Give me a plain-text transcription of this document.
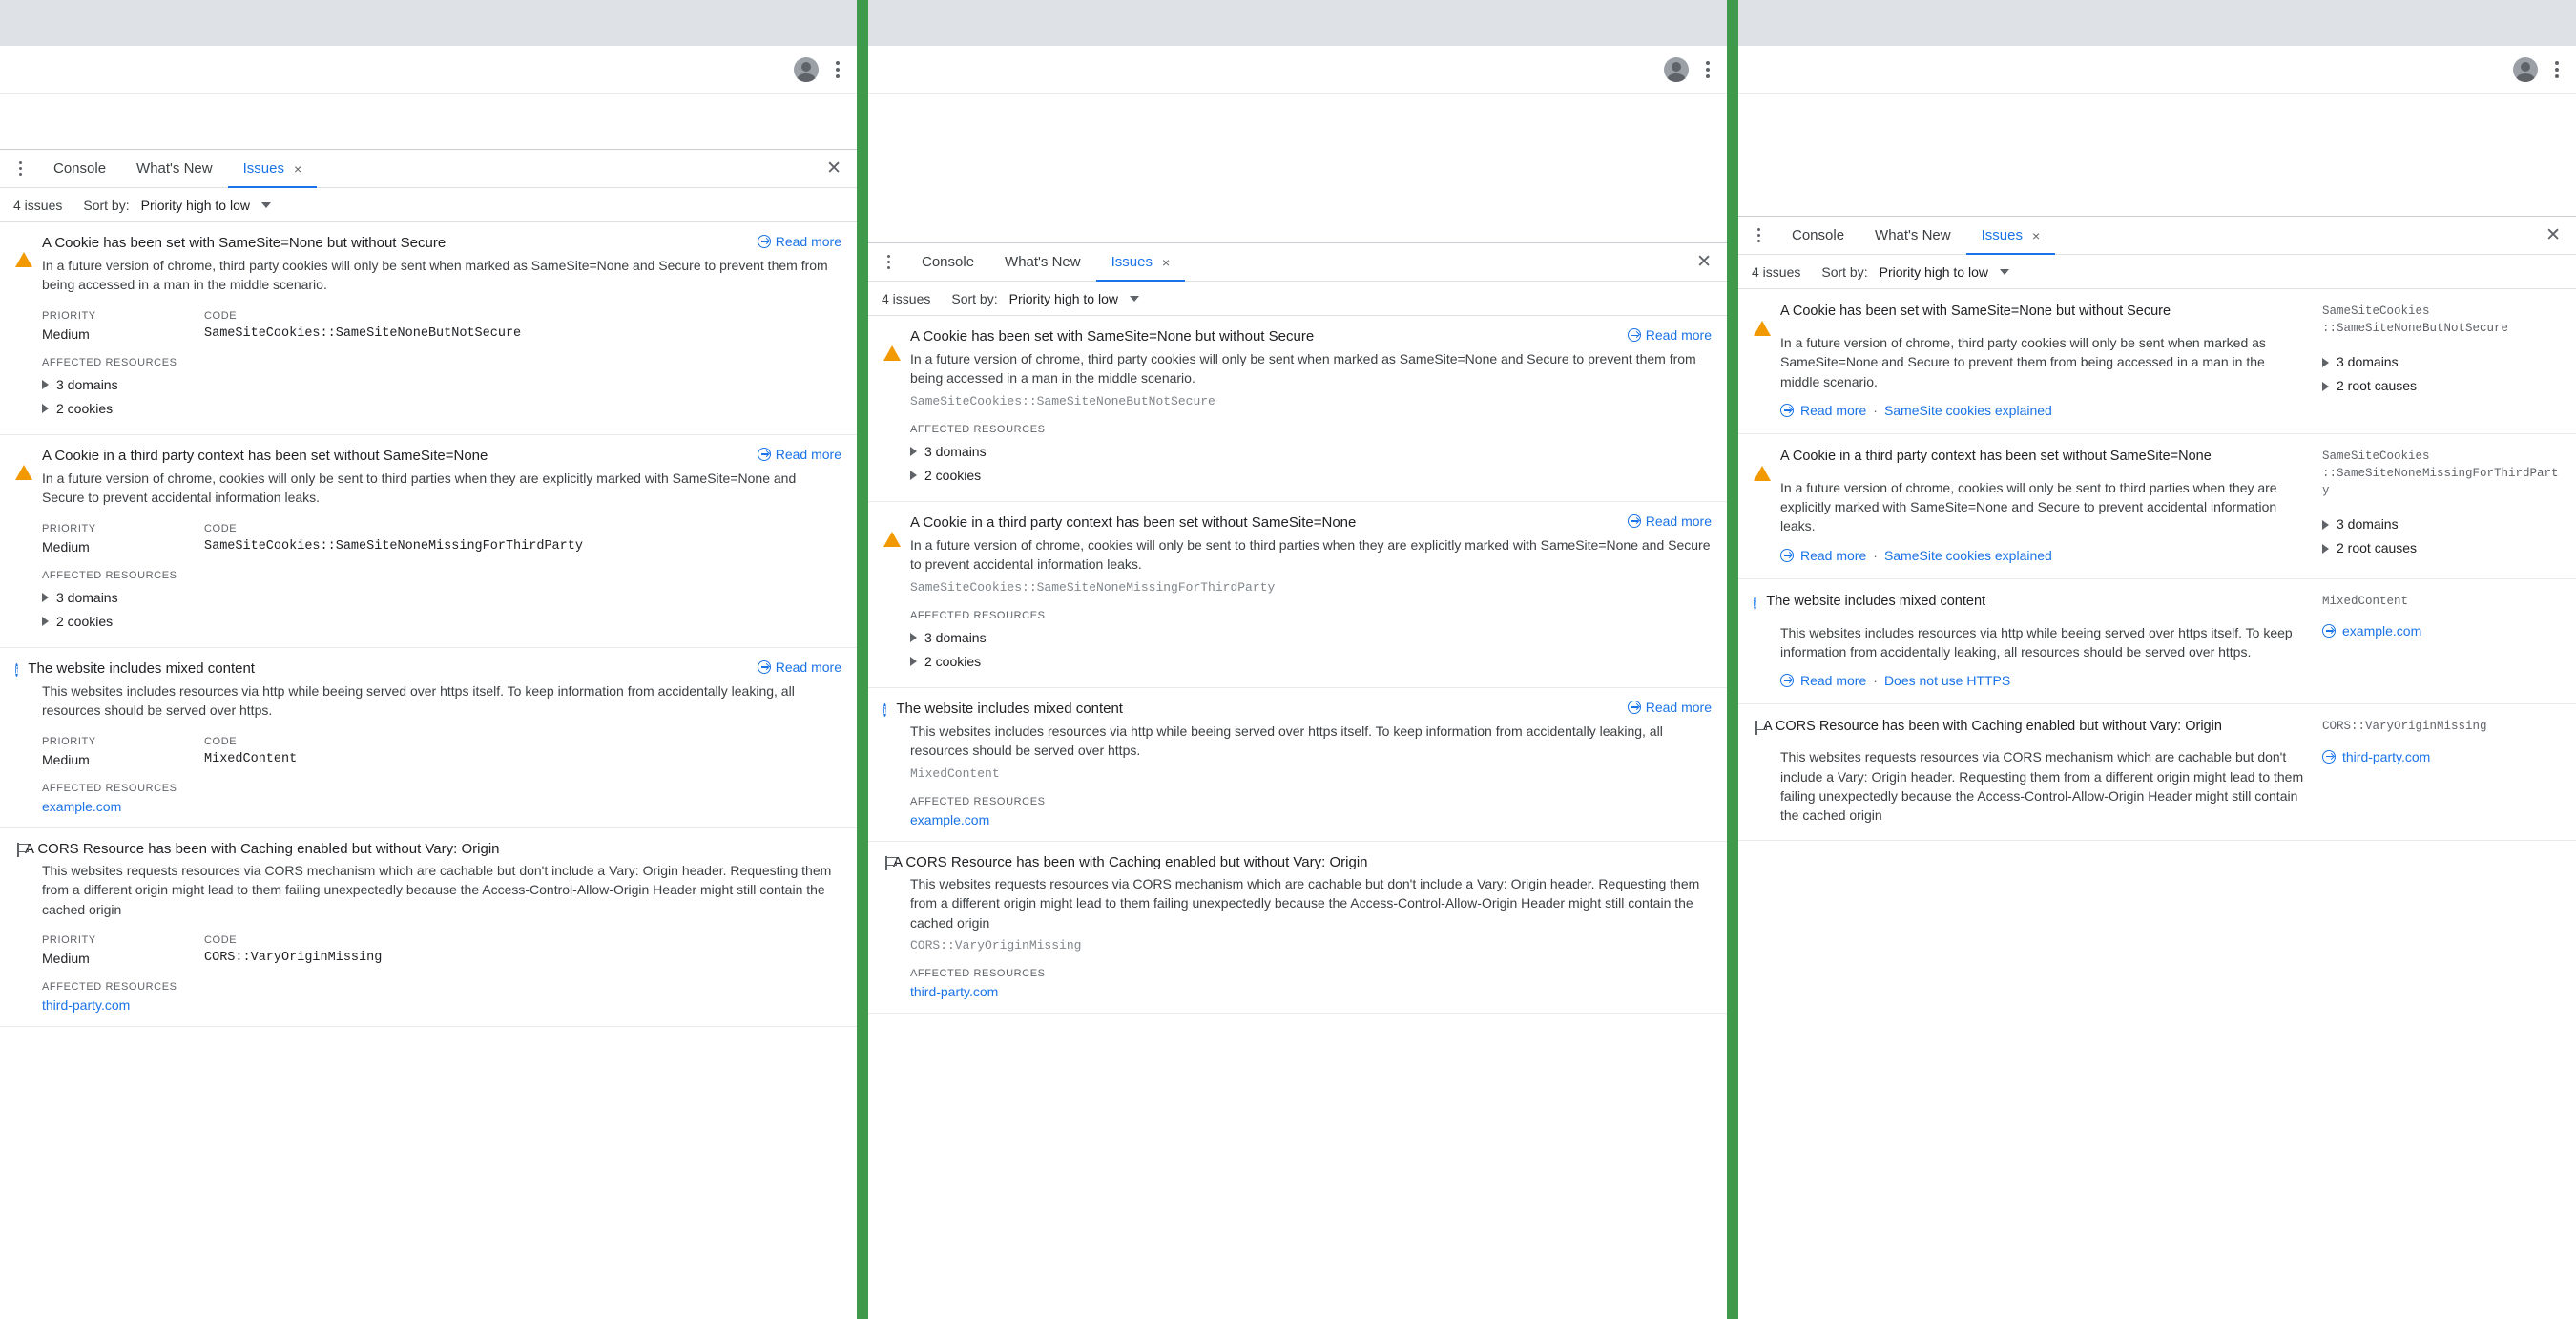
Console What's New Issues ×	✕
4 issues Sort by: Priority high to low
!
A Cookie has been set with SameSite=None but without Secure	Read more
In a future version of chrome, third party cookies will only be sent when marked as SameSite=None and Secure to prevent them from being accessed in a man in the middle scenario.
PRIORITY
Medium
CODE
SameSiteCookies::SameSiteNoneButNotSecure
AFFECTED RESOURCES
3 domains
2 cookies
!
A Cookie in a third party context has been set without SameSite=None	Read more
In a future version of chrome, cookies will only be sent to third parties when they are explicitly marked with SameSite=None and Secure to prevent accidental information leaks.
PRIORITY
Medium
CODE
SameSiteCookies::SameSiteNoneMissingForThirdParty
AFFECTED RESOURCES
3 domains
2 cookies
i The website includes mixed content	Read more
This websites includes resources via http while beeing served over https itself. To keep information from accidentally leaking, all resources should be served over https.
PRIORITY
Medium
CODE
MixedContent
AFFECTED RESOURCES
example.com
A CORS Resource has been with Caching enabled but without Vary: Origin
This websites requests resources via CORS mechanism which are cachable but don't include a Vary: Origin header. Requesting them from a different origin might lead to them failing unexpectedly because the Access-Control-Allow-Origin Header might still contain the cached origin
PRIORITY
Medium
CODE
CORS::VaryOriginMissing
AFFECTED RESOURCES
third-party.com
Console What's New Issues ×	✕
4 issues Sort by: Priority high to low
!
A Cookie has been set with SameSite=None but without Secure	Read more
In a future version of chrome, third party cookies will only be sent when marked as SameSite=None and Secure to prevent them from being accessed in a man in the middle scenario.
SameSiteCookies::SameSiteNoneButNotSecure
AFFECTED RESOURCES
3 domains
2 cookies
!
A Cookie in a third party context has been set without SameSite=None	Read more
In a future version of chrome, cookies will only be sent to third parties when they are explicitly marked with SameSite=None and Secure to prevent accidental information leaks.
SameSiteCookies::SameSiteNoneMissingForThirdParty
AFFECTED RESOURCES
3 domains
2 cookies
i The website includes mixed content	Read more
This websites includes resources via http while beeing served over https itself. To keep information from accidentally leaking, all resources should be served over https.
MixedContent
AFFECTED RESOURCES
example.com
A CORS Resource has been with Caching enabled but without Vary: Origin
This websites requests resources via CORS mechanism which are cachable but don't include a Vary: Origin header. Requesting them from a different origin might lead to them failing unexpectedly because the Access-Control-Allow-Origin Header might still contain the cached origin
CORS::VaryOriginMissing
AFFECTED RESOURCES
third-party.com
Console What's New Issues ×	✕
4 issues Sort by: Priority high to low
!
A Cookie has been set with SameSite=None but without Secure
In a future version of chrome, third party cookies will only be sent when marked as SameSite=None and Secure to prevent them from being accessed in a man in the middle scenario.
Read more · SameSite cookies explained
SameSiteCookies
::SameSiteNoneButNotSecure
3 domains
2 root causes
!
A Cookie in a third party context has been set without SameSite=None
In a future version of chrome, cookies will only be sent to third parties when they are explicitly marked with SameSite=None and Secure to prevent accidental information leaks.
Read more · SameSite cookies explained
SameSiteCookies
::SameSiteNoneMissingForThirdParty
3 domains
2 root causes
i The website includes mixed content
This websites includes resources via http while beeing served over https itself. To keep information from accidentally leaking, all resources should be served over https.
Read more · Does not use HTTPS
MixedContent
example.com
A CORS Resource has been with Caching enabled but without Vary: Origin
This websites requests resources via CORS mechanism which are cachable but don't include a Vary: Origin header. Requesting them from a different origin might lead to them failing unexpectedly because the Access-Control-Allow-Origin Header might still contain the cached origin
CORS::VaryOriginMissing
third-party.com
